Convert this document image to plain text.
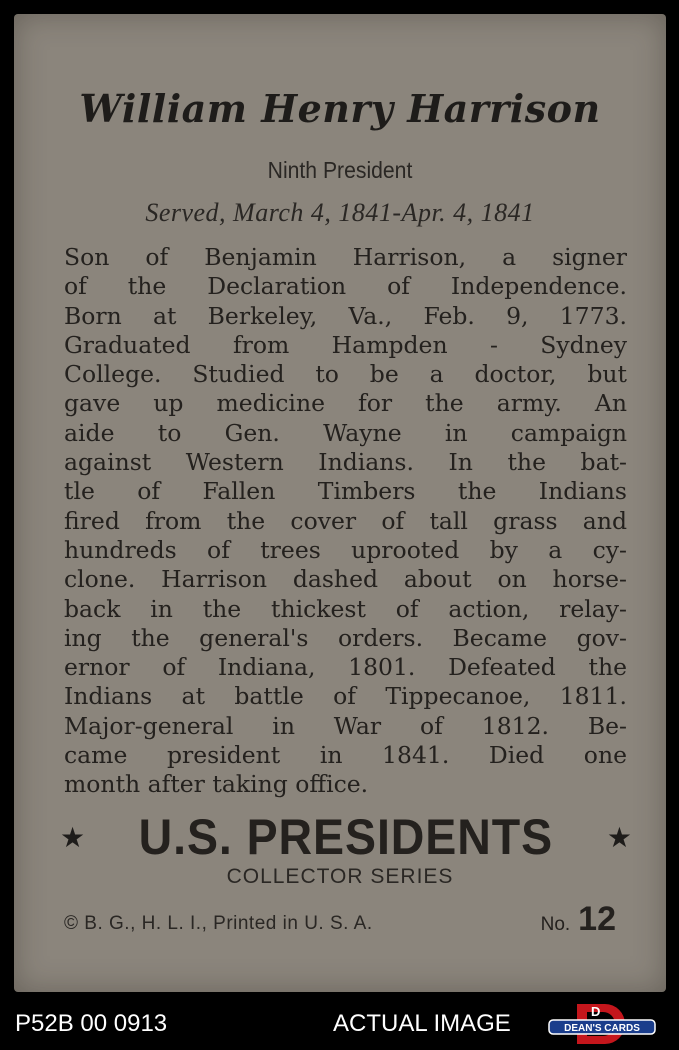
William Henry Harrison
Ninth President
Served, March 4, 1841-Apr. 4, 1841
Son of Benjamin Harrison, a signer
of the Declaration of Independence.
Born at Berkeley, Va., Feb. 9, 1773.
Graduated from Hampden - Sydney
College. Studied to be a doctor, but
gave up medicine for the army. An
aide to Gen. Wayne in campaign
against Western Indians. In the bat-
tle of Fallen Timbers the Indians
fired from the cover of tall grass and
hundreds of trees uprooted by a cy-
clone. Harrison dashed about on horse-
back in the thickest of action, relay-
ing the general's orders. Became gov-
ernor of Indiana, 1801. Defeated the
Indians at battle of Tippecanoe, 1811.
Major-general in War of 1812. Be-
came president in 1841. Died one
month after taking office.
★ U.S. PRESIDENTS ★
COLLECTOR SERIES
© B. G., H. L. I., Printed in U. S. A.	No. 12
P52B 00 0913	ACTUAL IMAGE	D
DEAN'S CARDS
